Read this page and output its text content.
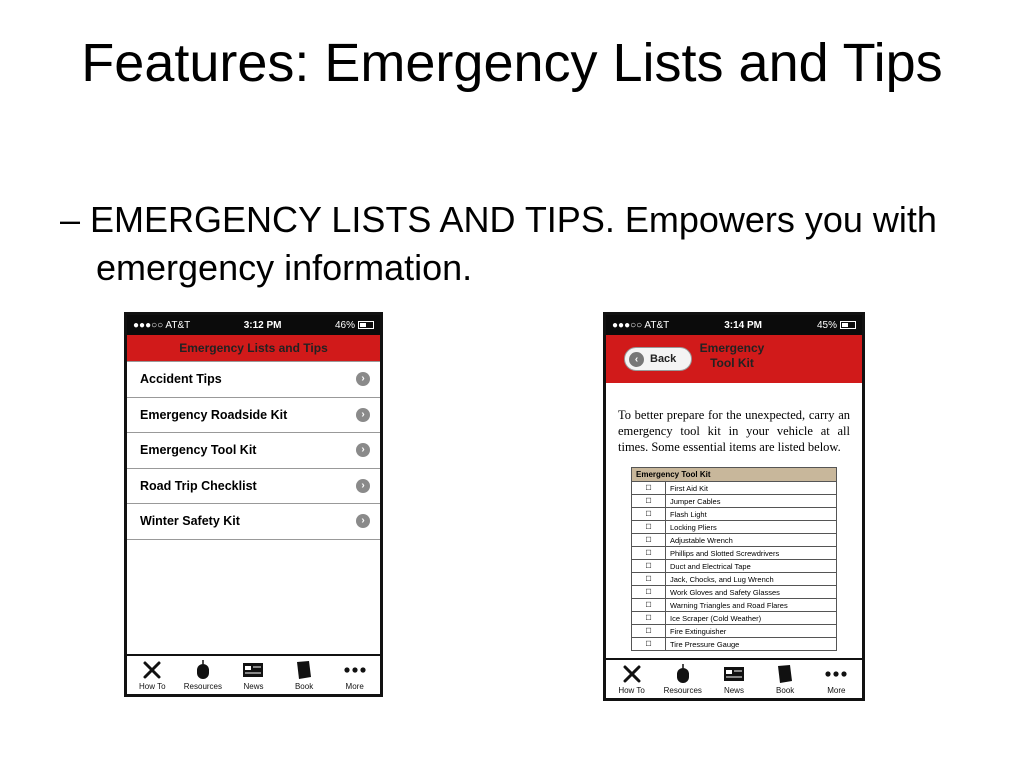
Features: Emergency Lists and Tips

– EMERGENCY LISTS AND TIPS. Empowers you with emergency information.

●●●○○ AT&T	3:12 PM	46%
Emergency Lists and Tips
Accident Tips	›
Emergency Roadside Kit	›
Emergency Tool Kit	›
Road Trip Checklist	›
Winter Safety Kit	›
How To Resources	News	Book	More
●●●○○ AT&T	3:14 PM	45%
‹	Back
Emergency Tool Kit

To better prepare for the unexpected, carry an emergency tool kit in your vehicle at all times. Some essential items are listed below.

Emergency Tool Kit	
☐	First Aid Kit
☐	Jumper Cables
☐	Flash Light
☐	Locking Pliers
☐	Adjustable Wrench
☐	Phillips and Slotted Screwdrivers
☐	Duct and Electrical Tape
☐	Jack, Chocks, and Lug Wrench
☐	Work Gloves and Safety Glasses
☐	Warning Triangles and Road Flares
☐	Ice Scraper (Cold Weather)
☐	Fire Extinguisher
☐	Tire Pressure Gauge
How To Resources	News	Book	More
